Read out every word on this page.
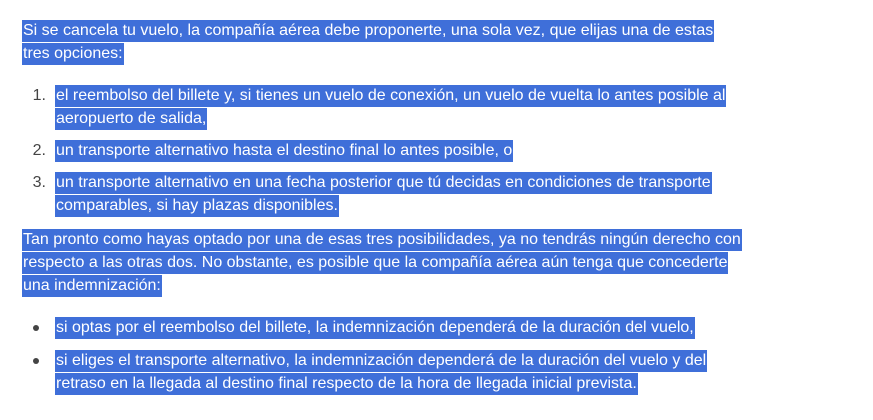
Si se cancela tu vuelo, la compañía aérea debe proponerte, una sola vez, que elijas una de estas tres opciones:

1. el reembolso del billete y, si tienes un vuelo de conexión, un vuelo de vuelta lo antes posible al aeropuerto de salida,
2. un transporte alternativo hasta el destino final lo antes posible, o
3. un transporte alternativo en una fecha posterior que tú decidas en condiciones de transporte comparables, si hay plazas disponibles.

Tan pronto como hayas optado por una de esas tres posibilidades, ya no tendrás ningún derecho con respecto a las otras dos. No obstante, es posible que la compañía aérea aún tenga que concederte una indemnización:

si optas por el reembolso del billete, la indemnización dependerá de la duración del vuelo,
si eliges el transporte alternativo, la indemnización dependerá de la duración del vuelo y del retraso en la llegada al destino final respecto de la hora de llegada inicial prevista.
